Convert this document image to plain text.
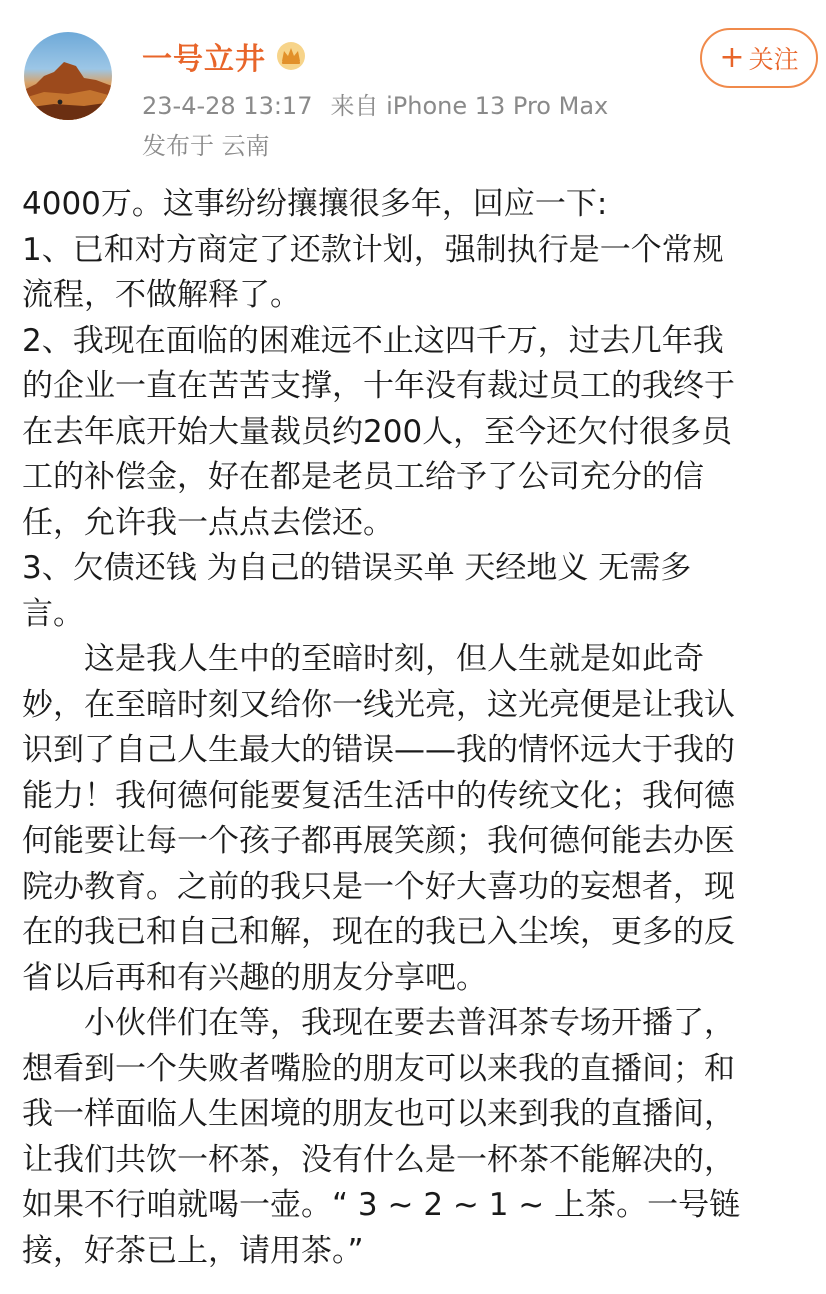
一号立井
23-4-28 13:17 来自 iPhone 13 Pro Max
发布于 云南
+ 关注

4000万。这事纷纷攘攘很多年，回应一下:

1、已和对方商定了还款计划，强制执行是一个常规

流程，不做解释了。

2、我现在面临的困难远不止这四千万，过去几年我

的企业一直在苦苦支撑，十年没有裁过员工的我终于

在去年底开始大量裁员约200人，至今还欠付很多员

工的补偿金，好在都是老员工给予了公司充分的信

任，允许我一点点去偿还。

3、欠债还钱 为自己的错误买单 天经地义 无需多

言。

这是我人生中的至暗时刻，但人生就是如此奇

妙，在至暗时刻又给你一线光亮，这光亮便是让我认

识到了自己人生最大的错误——我的情怀远大于我的

能力！我何德何能要复活生活中的传统文化；我何德

何能要让每一个孩子都再展笑颜；我何德何能去办医

院办教育。之前的我只是一个好大喜功的妄想者，现

在的我已和自己和解，现在的我已入尘埃，更多的反

省以后再和有兴趣的朋友分享吧。

小伙伴们在等，我现在要去普洱茶专场开播了，

想看到一个失败者嘴脸的朋友可以来我的直播间；和

我一样面临人生困境的朋友也可以来到我的直播间，

让我们共饮一杯茶，没有什么是一杯茶不能解决的，

如果不行咱就喝一壶。“ 3 ~ 2 ~ 1 ~ 上茶。一号链

接，好茶已上，请用茶。”
